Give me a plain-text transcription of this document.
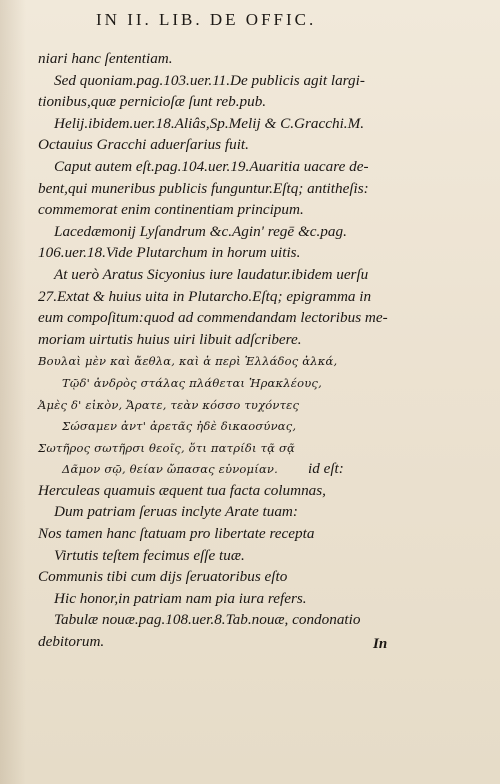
IN II. LIB. DE OFFIC.
niari hanc ſententiam.
Sed quoniam.pag.103.uer.11.De publicis agit largi-
tionibus,quæ pernicioſæ ſunt reb.pub.
Helij.ibidem.uer.18.Aliâs,Sp.Melij & C.Gracchi.M.
Octauius Gracchi aduerſarius fuit.
Caput autem eſt.pag.104.uer.19.Auaritia uacare de-
bent,qui muneribus publicis funguntur.Eſtq; antitheſis:
commemorat enim continentiam principum.
Lacedæmonij Lyſandrum &c.Agin' regē &c.pag.
106.uer.18.Vide Plutarchum in horum uitis.
At uerò Aratus Sicyonius iure laudatur.ibidem uerſu
27.Extat & huius uita in Plutarcho.Eſtq; epigramma in
eum compoſitum:quod ad commendandam lectoribus me-
moriam uirtutis huius uiri libuit adſcribere.
Βουλαὶ μὲν καὶ ἄεθλα, καὶ ἁ περὶ Ἑλλάδος ἀλκά,
Τῷδ' ἀνδρὸς στάλας πλάθεται Ἡρακλέους,
Ἀμὲς δ' εἰκὸν, Ἄρατε, τεὰν κόσσο τυχόντες
Σώσαμεν ἀντ' ἀρετᾶς ἠδὲ δικαοσύνας,
Σωτῆρος σωτῆρσι θεοῖς, ὅτι πατρίδι τᾷ σᾷ
Δᾶμον σῷ, θείαν ὤπασας εὐνομίαν. id eſt:
Herculeas quamuis æquent tua facta columnas,
Dum patriam ſeruas inclyte Arate tuam:
Nos tamen hanc ſtatuam pro libertate recepta
Virtutis teſtem fecimus eſſe tuæ.
Communis tibi cum dijs ſeruatoribus eſto
Hic honor,in patriam nam pia iura refers.
Tabulæ nouæ.pag.108.uer.8.Tab.nouæ, condonatio
debitorum.	In
